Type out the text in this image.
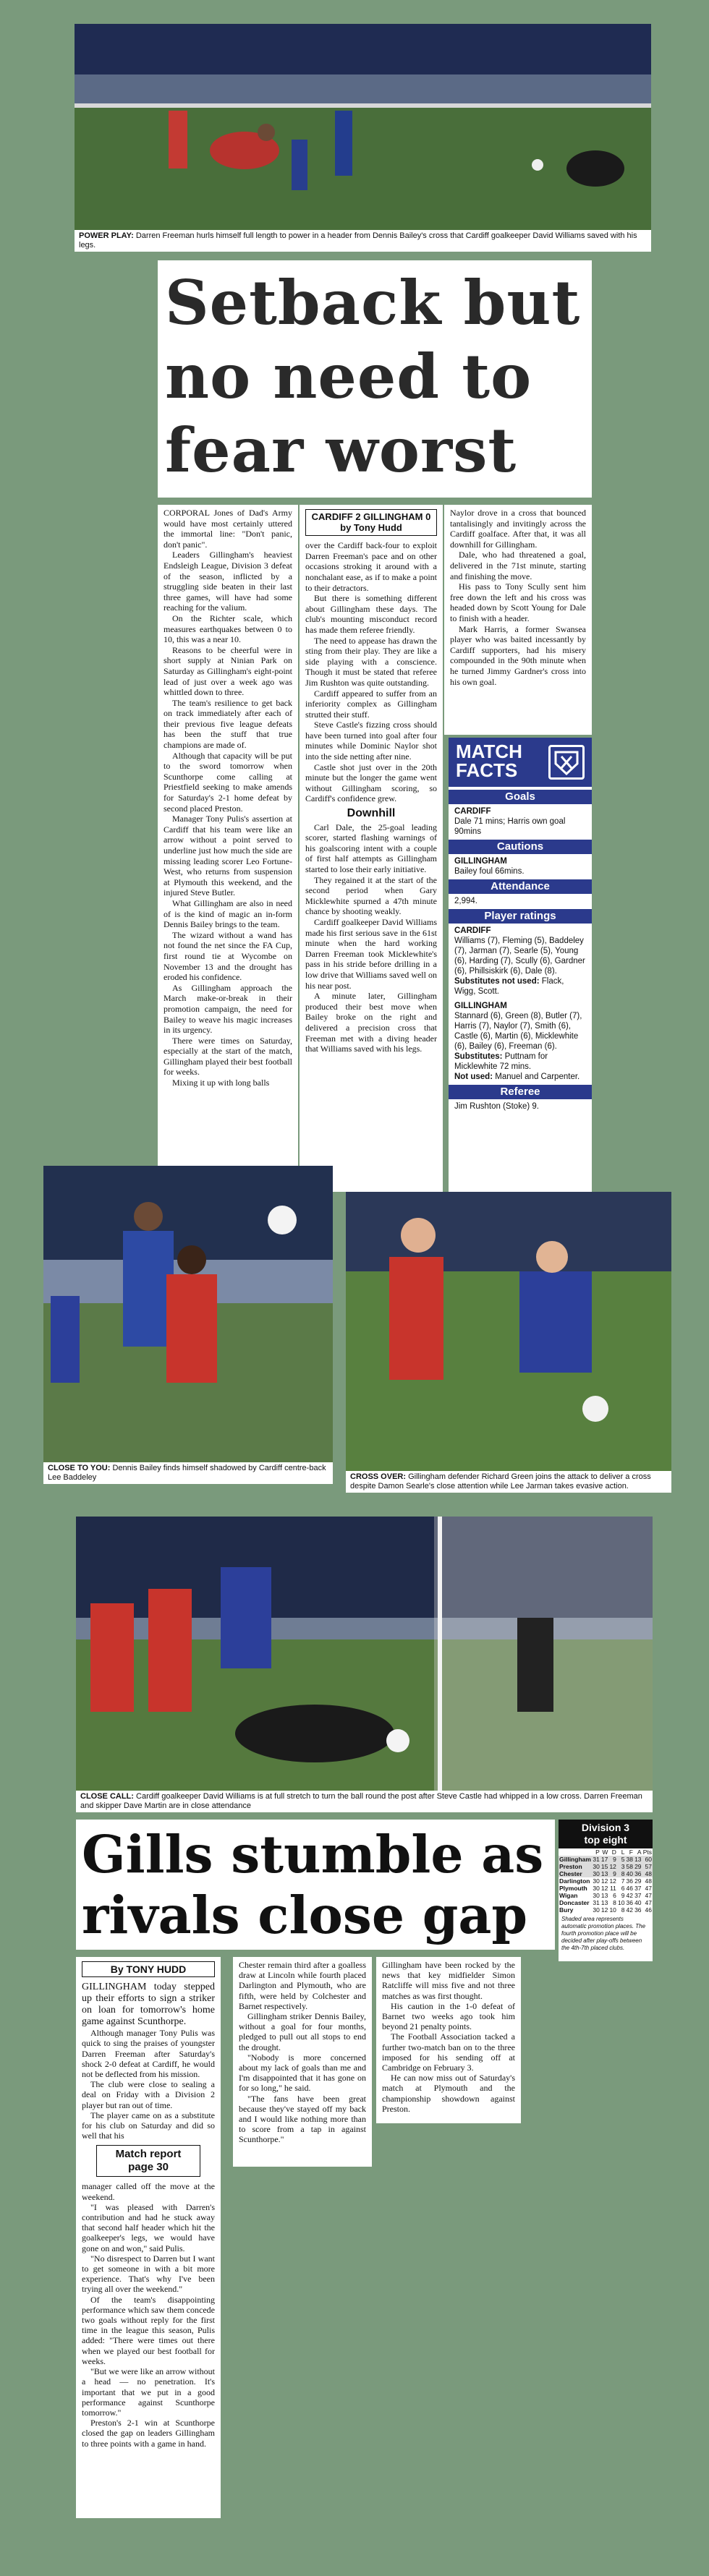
POWER PLAY: Darren Freeman hurls himself full length to power in a header from Dennis Bailey's cross that Cardiff goalkeeper David Williams saved with his legs.
Setback but
no need to
fear worst

CORPORAL Jones of Dad's Army would have most certainly uttered the immortal line: "Don't panic, don't panic".

Leaders Gillingham's heaviest Endsleigh League, Division 3 defeat of the season, inflicted by a struggling side beaten in their last three games, will have had some reaching for the valium.

On the Richter scale, which measures earthquakes between 0 to 10, this was a near 10.

Reasons to be cheerful were in short supply at Ninian Park on Saturday as Gillingham's eight-point lead of just over a week ago was whittled down to three.

The team's resilience to get back on track immediately after each of their previous five league defeats has been the stuff that true champions are made of.

Although that capacity will be put to the sword tomorrow when Scunthorpe come calling at Priestfield seeking to make amends for Saturday's 2-1 home defeat by second placed Preston.

Manager Tony Pulis's assertion at Cardiff that his team were like an arrow without a point served to underline just how much the side are missing leading scorer Leo Fortune-West, who returns from suspension at Plymouth this weekend, and the injured Steve Butler.

What Gillingham are also in need of is the kind of magic an in-form Dennis Bailey brings to the team.

The wizard without a wand has not found the net since the FA Cup, first round tie at Wycombe on November 13 and the drought has eroded his confidence.

As Gillingham approach the March make-or-break in their promotion campaign, the need for Bailey to weave his magic increases in its urgency.

There were times on Saturday, especially at the start of the match, Gillingham played their best football for weeks.

Mixing it up with long balls

CARDIFF 2 GILLINGHAM 0
by Tony Hudd

over the Cardiff back-four to exploit Darren Freeman's pace and on other occasions stroking it around with a nonchalant ease, as if to make a point to their detractors.

But there is something different about Gillingham these days. The club's mounting misconduct record has made them referee friendly.

The need to appease has drawn the sting from their play. They are like a side playing with a conscience. Though it must be stated that referee Jim Rushton was quite outstanding.

Cardiff appeared to suffer from an inferiority complex as Gillingham strutted their stuff.

Steve Castle's fizzing cross should have been turned into goal after four minutes while Dominic Naylor shot into the side netting after nine.

Castle shot just over in the 20th minute but the longer the game went without Gillingham scoring, so Cardiff's confidence grew.

Downhill

Carl Dale, the 25-goal leading scorer, started flashing warnings of his goalscoring intent with a couple of first half attempts as Gillingham started to lose their early initiative.

They regained it at the start of the second period when Gary Micklewhite spurned a 47th minute chance by shooting weakly.

Cardiff goalkeeper David Williams made his first serious save in the 61st minute when the hard working Darren Freeman took Micklewhite's pass in his stride before drilling in a low drive that Williams saved well on his near post.

A minute later, Gillingham produced their best move when Bailey broke on the right and delivered a precision cross that Freeman met with a diving header that Williams saved with his legs.

Naylor drove in a cross that bounced tantalisingly and invitingly across the Cardiff goalface. After that, it was all downhill for Gillingham.

Dale, who had threatened a goal, delivered in the 71st minute, starting and finishing the move.

His pass to Tony Scully sent him free down the left and his cross was headed down by Scott Young for Dale to finish with a header.

Mark Harris, a former Swansea player who was baited incessantly by Cardiff supporters, had his misery compounded in the 90th minute when he turned Jimmy Gardner's cross into his own goal.

MATCH
FACTS
Goals
CARDIFF
Dale 71 mins; Harris own goal 90mins
Cautions
GILLINGHAM
Bailey foul 66mins.
Attendance
2,994.
Player ratings
CARDIFF
Williams (7), Fleming (5), Baddeley (7), Jarman (7), Searle (5), Young (6), Harding (7), Scully (6), Gardner (6), Phillsiskirk (6), Dale (8).
Substitutes not used: Flack, Wigg, Scott.

GILLINGHAM
Stannard (6), Green (8), Butler (7), Harris (7), Naylor (7), Smith (6), Castle (6), Martin (6), Micklewhite (6), Bailey (6), Freeman (6).
Substitutes: Puttnam for Micklewhite 72 mins.
Not used: Manuel and Carpenter.
Referee
Jim Rushton (Stoke) 9.
CLOSE TO YOU: Dennis Bailey finds himself shadowed by Cardiff centre-back Lee Baddeley	CROSS OVER: Gillingham defender Richard Green joins the attack to deliver a cross despite Damon Searle's close attention while Lee Jarman takes evasive action.
CLOSE CALL: Cardiff goalkeeper David Williams is at full stretch to turn the ball round the post after Steve Castle had whipped in a low cross. Darren Freeman and skipper Dave Martin are in close attendance
Gills stumble as
rivals close gap
Division 3
top eight
	P	W	D	L	F	A	Pts
Gillingham	31	17	9	5	38	13	60
Preston	30	15	12	3	58	29	57
Chester	30	13	9	8	40	36	48
Darlington	30	12	12	7	36	29	48
Plymouth	30	12	11	6	46	37	47
Wigan	30	13	6	9	42	37	47
Doncaster	31	13	8	10	36	40	47
Bury	30	12	10	8	42	36	46
Shaded area represents automatic promotion places. The fourth promotion place will be decided after play-offs between the 4th-7th placed clubs.
By TONY HUDD

GILLINGHAM today stepped up their efforts to sign a striker on loan for tomorrow's home game against Scunthorpe.

Although manager Tony Pulis was quick to sing the praises of youngster Darren Freeman after Saturday's shock 2-0 defeat at Cardiff, he would not be deflected from his mission.

The club were close to sealing a deal on Friday with a Division 2 player but ran out of time.

The player came on as a substitute for his club on Saturday and did so well that his

Match report
page 30

manager called off the move at the weekend.

"I was pleased with Darren's contribution and had he stuck away that second half header which hit the goalkeeper's legs, we would have gone on and won," said Pulis.

"No disrespect to Darren but I want to get someone in with a bit more experience. That's why I've been trying all over the weekend."

Of the team's disappointing performance which saw them concede two goals without reply for the first time in the league this season, Pulis added: "There were times out there when we played our best football for weeks.

"But we were like an arrow without a head — no penetration. It's important that we put in a good performance against Scunthorpe tomorrow."

Preston's 2-1 win at Scunthorpe closed the gap on leaders Gillingham to three points with a game in hand.

Chester remain third after a goalless draw at Lincoln while fourth placed Darlington and Plymouth, who are fifth, were held by Colchester and Barnet respectively.

Gillingham striker Dennis Bailey, without a goal for four months, pledged to pull out all stops to end the drought.

"Nobody is more concerned about my lack of goals than me and I'm disappointed that it has gone on for so long," he said.

"The fans have been great because they've stayed off my back and I would like nothing more than to score from a tap in against Scunthorpe."

Gillingham have been rocked by the news that key midfielder Simon Ratcliffe will miss five and not three matches as was first thought.

His caution in the 1-0 defeat of Barnet two weeks ago took him beyond 21 penalty points.

The Football Association tacked a further two-match ban on to the three imposed for his sending off at Cambridge on February 3.

He can now miss out of Saturday's match at Plymouth and the championship showdown against Preston.
